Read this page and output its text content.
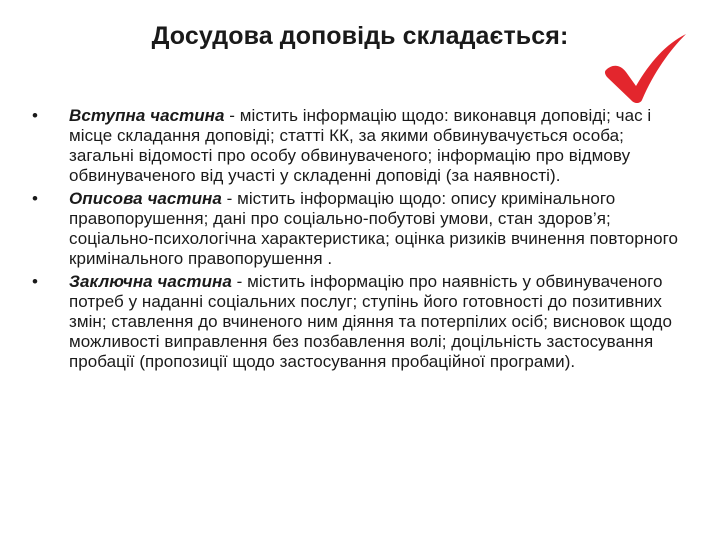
Досудова доповідь складається:
• Вступна частина - містить інформацію щодо: виконавця доповіді; час і місце складання доповіді; статті КК, за якими обвинувачується особа; загальні відомості про особу обвинуваченого; інформацію про відмову обвинуваченого від участі у складенні доповіді (за наявності).
• Описова частина - містить інформацію щодо: опису кримінального правопорушення; дані про соціально-побутові умови, стан здоров’я; соціально-психологічна характеристика; оцінка ризиків вчинення повторного кримінального правопорушення .
• Заключна частина - містить інформацію про наявність у обвинуваченого потреб у наданні соціальних послуг; ступінь його готовності до позитивних змін; ставлення до вчиненого ним діяння та потерпілих осіб; висновок щодо можливості виправлення без позбавлення волі; доцільність застосування пробації (пропозиції щодо застосування пробаційної програми).
